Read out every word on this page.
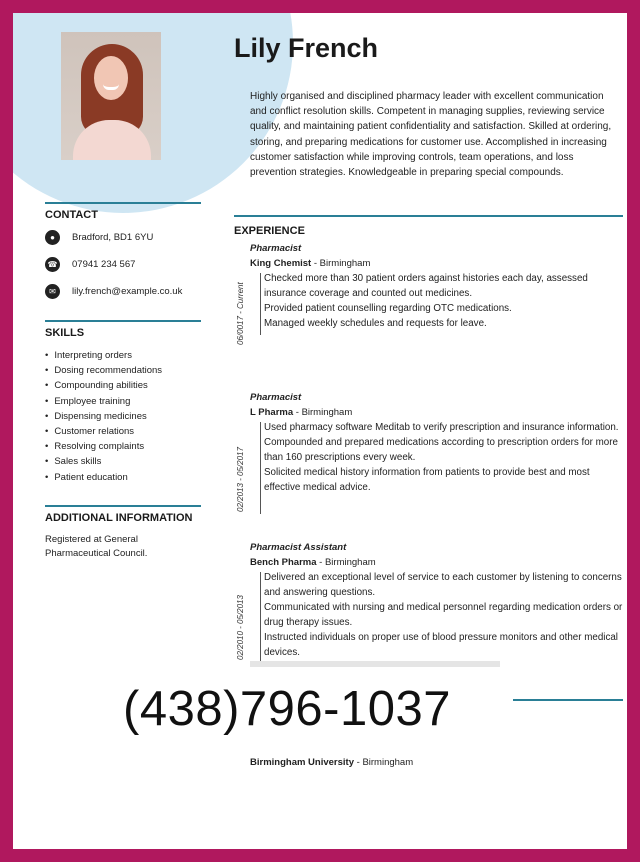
Lily French
Highly organised and disciplined pharmacy leader with excellent communication and conflict resolution skills. Competent in managing supplies, reviewing service quality, and maintaining patient confidentiality and satisfaction. Skilled at ordering, storing, and preparing medications for customer use. Accomplished in increasing customer satisfaction while improving controls, team operations, and loss prevention strategies. Knowledgeable in preparing special compounds.
CONTACT
●	Bradford, BD1 6YU
☎ 07941 234 567
✉	lily.french@example.co.uk
SKILLS
• Interpreting orders
• Dosing recommendations
• Compounding abilities
• Employee training
• Dispensing medicines
• Customer relations
• Resolving complaints
• Sales skills
• Patient education
ADDITIONAL INFORMATION
Registered at General Pharmaceutical Council.
EXPERIENCE
Pharmacist
King Chemist - Birmingham
06/0017 - Current
Checked more than 30 patient orders against histories each day, assessed insurance coverage and counted out medicines.
Provided patient counselling regarding OTC medications.
Managed weekly schedules and requests for leave.
Pharmacist
L Pharma - Birmingham
02/2013 - 05/2017
Used pharmacy software Meditab to verify prescription and insurance information.
Compounded and prepared medications according to prescription orders for more than 160 prescriptions every week.
Solicited medical history information from patients to provide best and most effective medical advice.
Pharmacist Assistant
Bench Pharma - Birmingham
02/2010 - 05/2013
Delivered an exceptional level of service to each customer by listening to concerns and answering questions.
Communicated with nursing and medical personnel regarding medication orders or drug therapy issues.
Instructed individuals on proper use of blood pressure monitors and other medical devices.
(438)796-1037
Birmingham University - Birmingham
